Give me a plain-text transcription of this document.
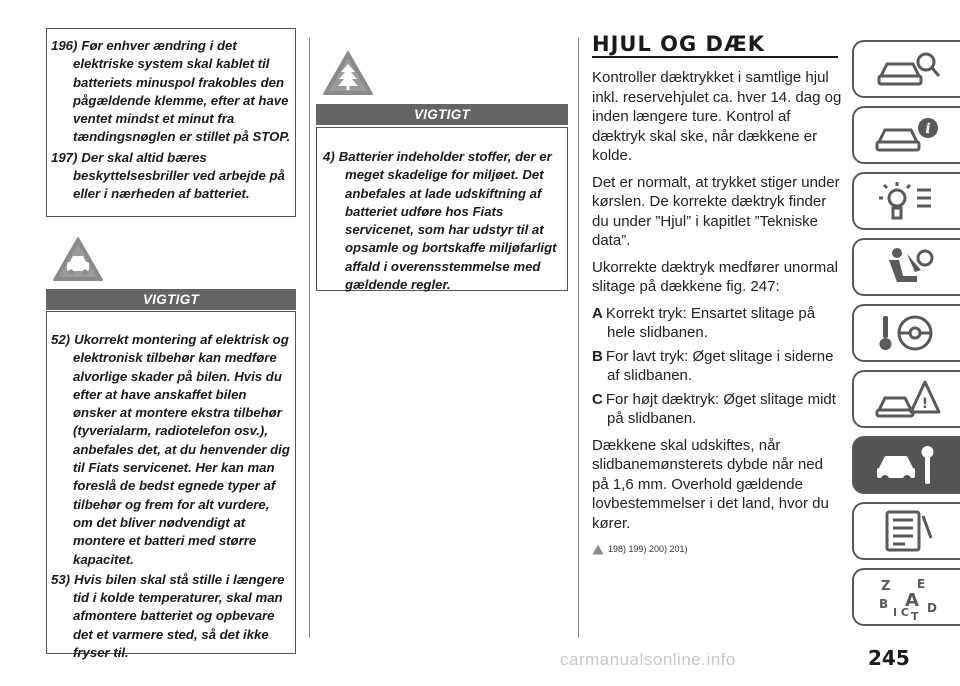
196) Før enhver ændring i det elektriske system skal kablet til batteriets minuspol frakobles den pågældende klemme, efter at have ventet mindst et minut fra tændingsnøglen er stillet på STOP.
197) Der skal altid bæres beskyttelsesbriller ved arbejde på eller i nærheden af batteriet.
VIGTIGT
52) Ukorrekt montering af elektrisk og elektronisk tilbehør kan medføre alvorlige skader på bilen. Hvis du efter at have anskaffet bilen ønsker at montere ekstra tilbehør (tyverialarm, radiotelefon osv.), anbefales det, at du henvender dig til Fiats servicenet. Her kan man foreslå de bedst egnede typer af tilbehør og frem for alt vurdere, om det bliver nødvendigt at montere et batteri med større kapacitet.
53) Hvis bilen skal stå stille i længere tid i kolde temperaturer, skal man afmontere batteriet og opbevare det et varmere sted, så det ikke fryser til.
VIGTIGT
4) Batterier indeholder stoffer, der er meget skadelige for miljøet. Det anbefales at lade udskiftning af batteriet udføre hos Fiats servicenet, som har udstyr til at opsamle og bortskaffe miljøfarligt affald i overensstemmelse med gældende regler.
HJUL OG DÆK

Kontroller dæktrykket i samtlige hjul inkl. reservehjulet ca. hver 14. dag og inden længere ture. Kontrol af dæktryk skal ske, når dækkene er kolde.

Det er normalt, at trykket stiger under kørslen. De korrekte dæktryk finder du under ”Hjul” i kapitlet ”Tekniske data”.

Ukorrekte dæktryk medfører unormal slitage på dækkene fig. 247:

A Korrekt tryk: Ensartet slitage på hele slidbanen.
B For lavt tryk: Øget slitage i siderne af slidbanen.
C For højt dæktryk: Øget slitage midt på slidbanen.

Dækkene skal udskiftes, når slidbanemønsterets dybde når ned på 1,6 mm. Overhold gældende lovbestemmelser i det land, hvor du kører.

198) 199) 200) 201)
i
!
Z E
B A
I C D
T
245
carmanualsonline.info
